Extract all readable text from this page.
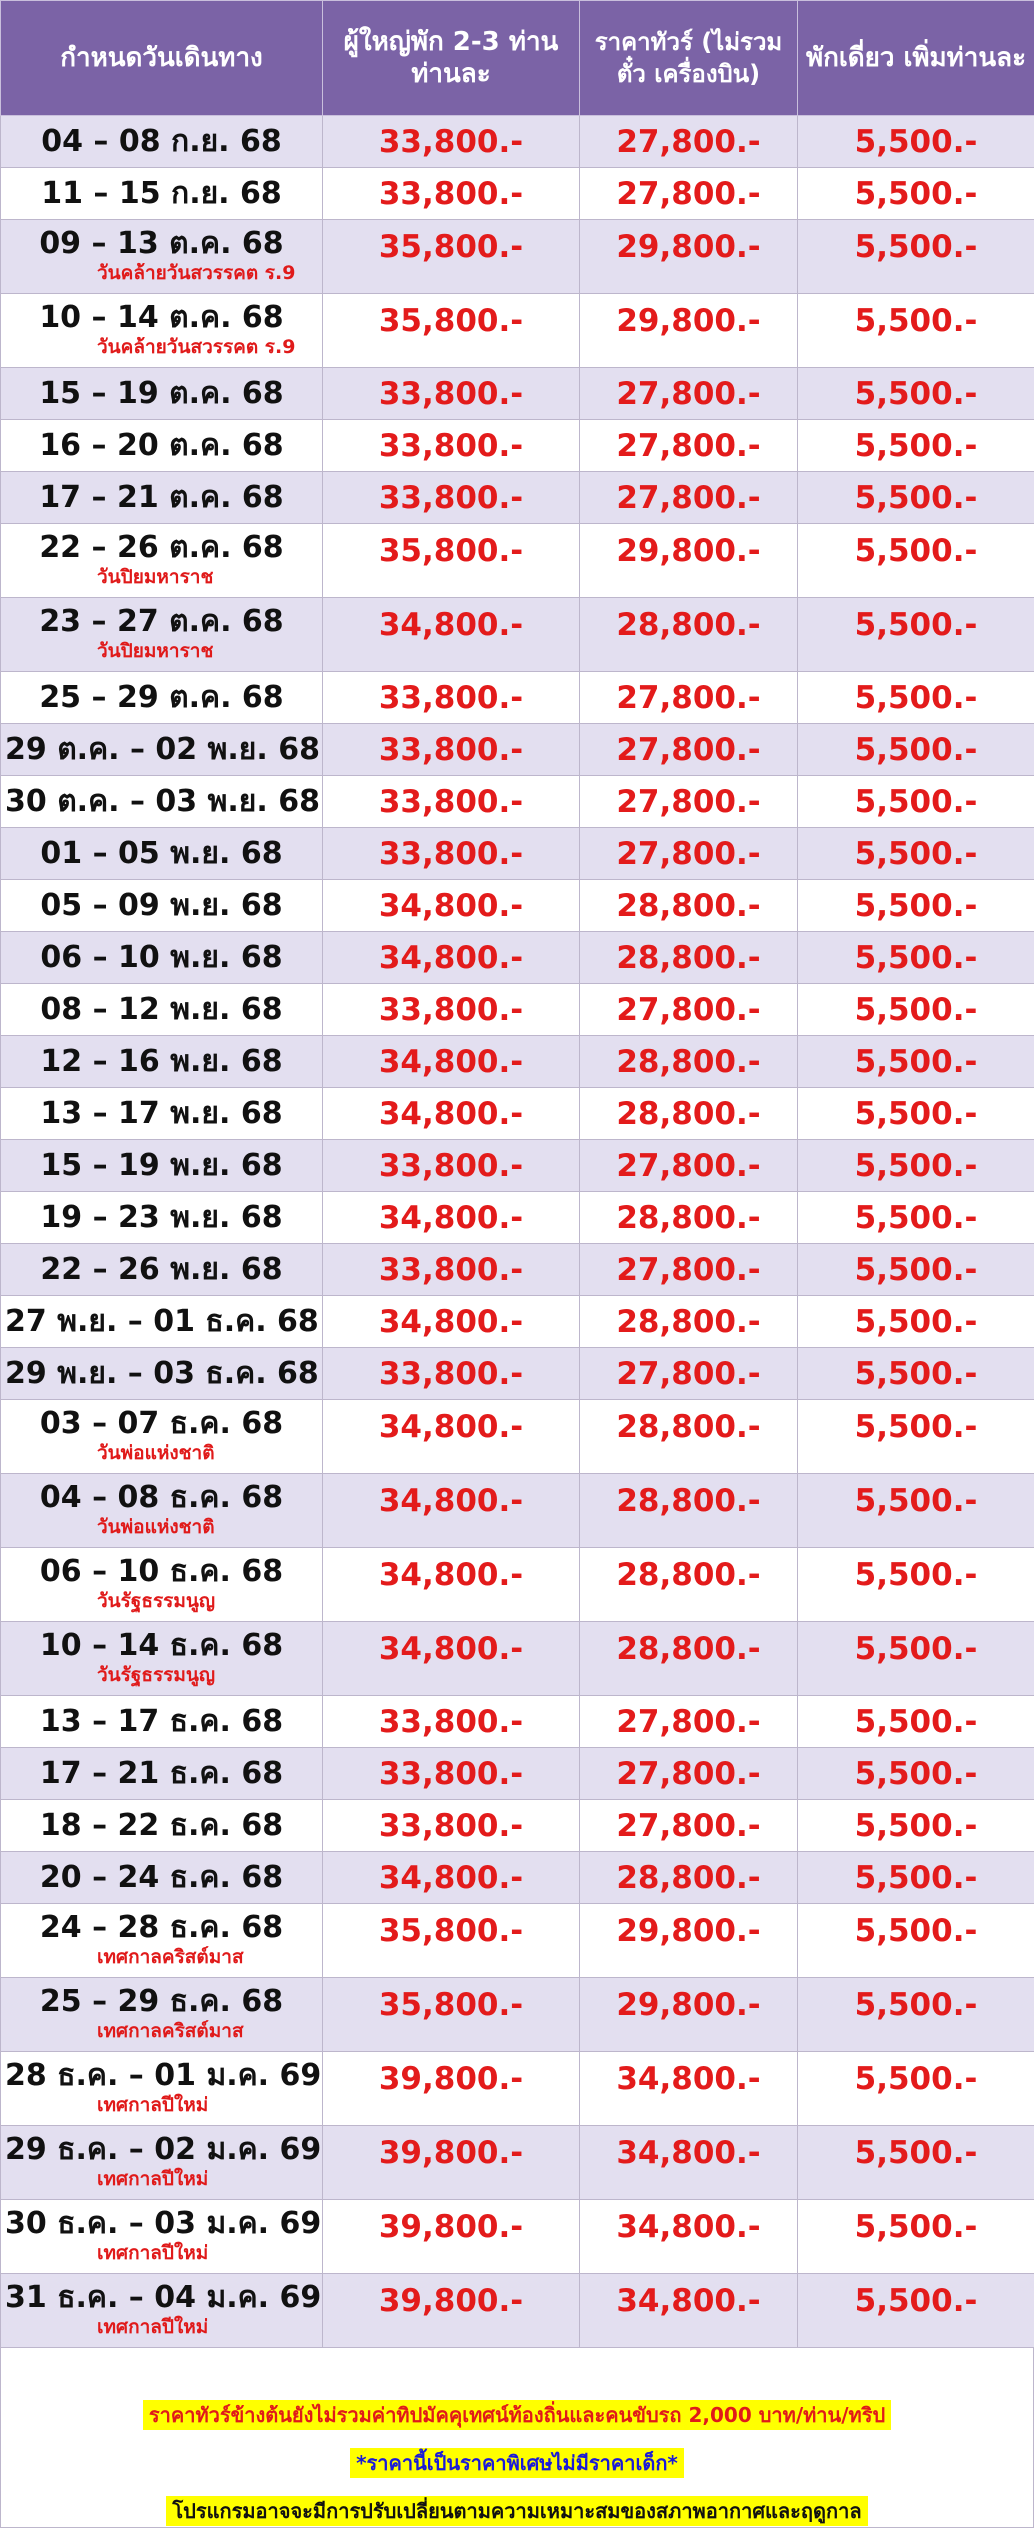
กำหนดวันเดินทาง	ผู้ใหญ่พัก 2-3 ท่าน ท่านละ	ราคาทัวร์ (ไม่รวมตั๋ว เครื่องบิน)	พักเดี่ยว เพิ่มท่านละ

04 – 08 ก.ย. 68	33,800.-	27,800.-	5,500.-

11 – 15 ก.ย. 68	33,800.-	27,800.-	5,500.-

09 – 13 ต.ค. 68
วันคล้ายวันสวรรคต ร.9	35,800.-	29,800.-	5,500.-

10 – 14 ต.ค. 68
วันคล้ายวันสวรรคต ร.9	35,800.-	29,800.-	5,500.-

15 – 19 ต.ค. 68	33,800.-	27,800.-	5,500.-

16 – 20 ต.ค. 68	33,800.-	27,800.-	5,500.-

17 – 21 ต.ค. 68	33,800.-	27,800.-	5,500.-

22 – 26 ต.ค. 68
วันปิยมหาราช	35,800.-	29,800.-	5,500.-

23 – 27 ต.ค. 68
วันปิยมหาราช	34,800.-	28,800.-	5,500.-

25 – 29 ต.ค. 68	33,800.-	27,800.-	5,500.-

29 ต.ค. – 02 พ.ย. 68	33,800.-	27,800.-	5,500.-

30 ต.ค. – 03 พ.ย. 68	33,800.-	27,800.-	5,500.-

01 – 05 พ.ย. 68	33,800.-	27,800.-	5,500.-

05 – 09 พ.ย. 68	34,800.-	28,800.-	5,500.-

06 – 10 พ.ย. 68	34,800.-	28,800.-	5,500.-

08 – 12 พ.ย. 68	33,800.-	27,800.-	5,500.-

12 – 16 พ.ย. 68	34,800.-	28,800.-	5,500.-

13 – 17 พ.ย. 68	34,800.-	28,800.-	5,500.-

15 – 19 พ.ย. 68	33,800.-	27,800.-	5,500.-

19 – 23 พ.ย. 68	34,800.-	28,800.-	5,500.-

22 – 26 พ.ย. 68	33,800.-	27,800.-	5,500.-

27 พ.ย. – 01 ธ.ค. 68	34,800.-	28,800.-	5,500.-

29 พ.ย. – 03 ธ.ค. 68	33,800.-	27,800.-	5,500.-

03 – 07 ธ.ค. 68
วันพ่อแห่งชาติ	34,800.-	28,800.-	5,500.-

04 – 08 ธ.ค. 68
วันพ่อแห่งชาติ	34,800.-	28,800.-	5,500.-

06 – 10 ธ.ค. 68
วันรัฐธรรมนูญ	34,800.-	28,800.-	5,500.-

10 – 14 ธ.ค. 68
วันรัฐธรรมนูญ	34,800.-	28,800.-	5,500.-

13 – 17 ธ.ค. 68	33,800.-	27,800.-	5,500.-

17 – 21 ธ.ค. 68	33,800.-	27,800.-	5,500.-

18 – 22 ธ.ค. 68	33,800.-	27,800.-	5,500.-

20 – 24 ธ.ค. 68	34,800.-	28,800.-	5,500.-

24 – 28 ธ.ค. 68
เทศกาลคริสต์มาส	35,800.-	29,800.-	5,500.-

25 – 29 ธ.ค. 68
เทศกาลคริสต์มาส	35,800.-	29,800.-	5,500.-

28 ธ.ค. – 01 ม.ค. 69
เทศกาลปีใหม่	39,800.-	34,800.-	5,500.-

29 ธ.ค. – 02 ม.ค. 69
เทศกาลปีใหม่	39,800.-	34,800.-	5,500.-

30 ธ.ค. – 03 ม.ค. 69
เทศกาลปีใหม่	39,800.-	34,800.-	5,500.-

31 ธ.ค. – 04 ม.ค. 69
เทศกาลปีใหม่	39,800.-	34,800.-	5,500.-
ราคาทัวร์ข้างต้นยังไม่รวมค่าทิปมัคคุเทศน์ท้องถิ่นและคนขับรถ 2,000 บาท/ท่าน/ทริป
*ราคานี้เป็นราคาพิเศษไม่มีราคาเด็ก*
โปรแกรมอาจจะมีการปรับเปลี่ยนตามความเหมาะสมของสภาพอากาศและฤดูกาล
